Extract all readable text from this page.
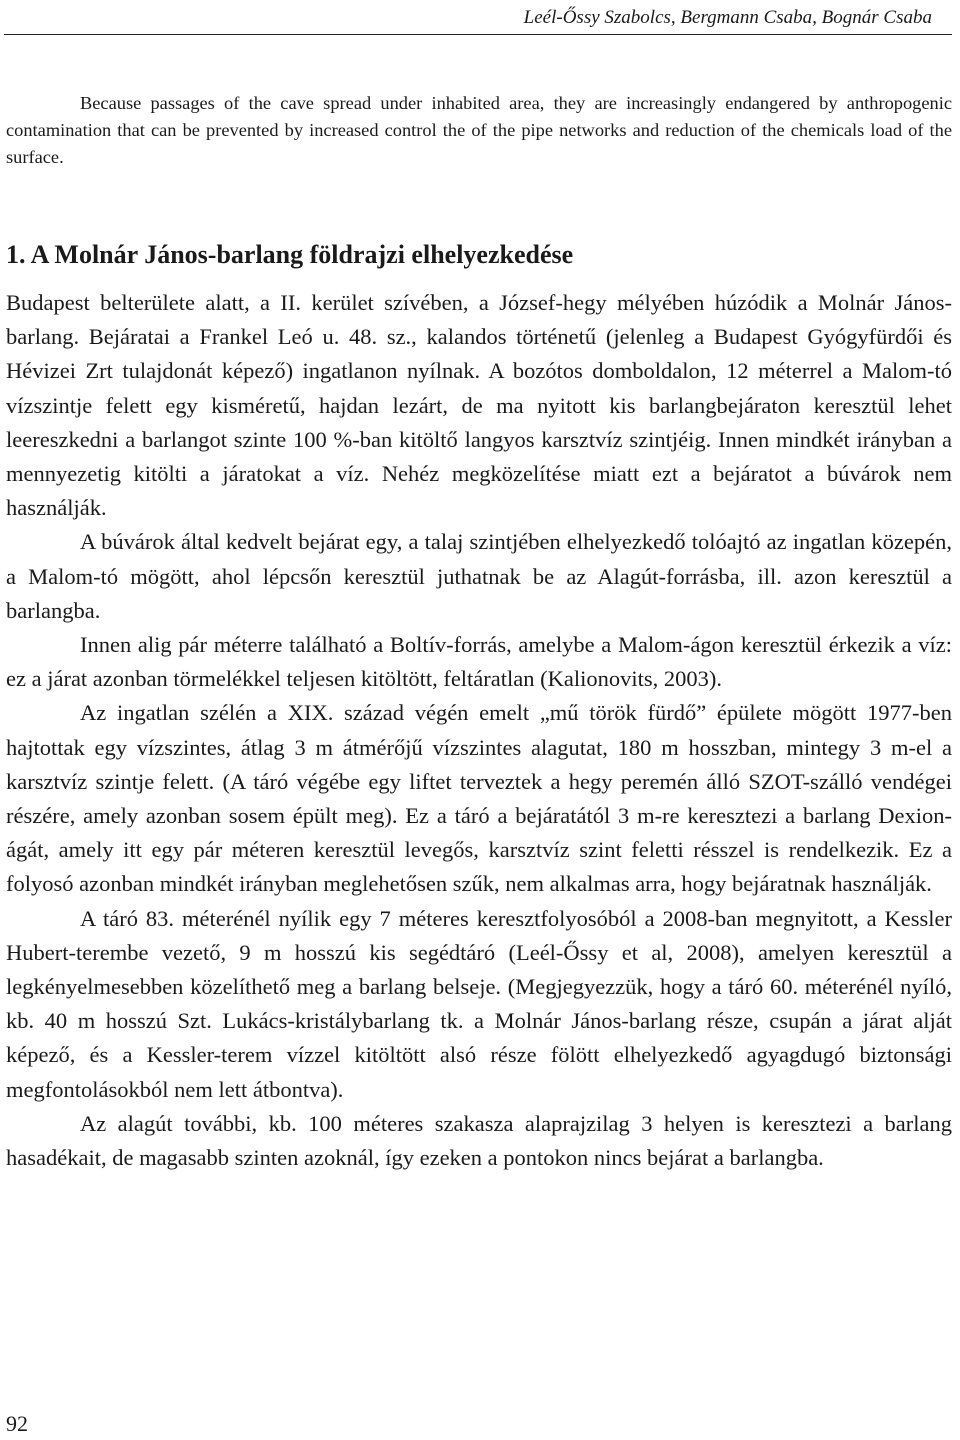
Leél-Őssy Szabolcs, Bergmann Csaba, Bognár Csaba

Because passages of the cave spread under inhabited area, they are increasingly endangered by anthropogenic contamination that can be prevented by increased control the of the pipe networks and reduction of the chemicals load of the surface.

1. A Molnár János-barlang földrajzi elhelyezkedése

Budapest belterülete alatt, a II. kerület szívében, a József-hegy mélyében húzódik a Molnár János-barlang. Bejáratai a Frankel Leó u. 48. sz., kalandos történetű (jelenleg a Budapest Gyógyfürdői és Hévizei Zrt tulajdonát képező) ingatlanon nyílnak. A bozótos domboldalon, 12 méterrel a Malom-tó vízszintje felett egy kisméretű, hajdan lezárt, de ma nyitott kis barlangbejáraton keresztül lehet leereszkedni a barlangot szinte 100 %-ban kitöltő langyos karsztvíz szintjéig. Innen mindkét irányban a mennyezetig kitölti a járatokat a víz. Nehéz megközelítése miatt ezt a bejáratot a búvárok nem használják.

A búvárok által kedvelt bejárat egy, a talaj szintjében elhelyezkedő tolóajtó az ingatlan közepén, a Malom-tó mögött, ahol lépcsőn keresztül juthatnak be az Alagút-forrásba, ill. azon keresztül a barlangba.

Innen alig pár méterre található a Boltív-forrás, amelybe a Malom-ágon keresztül érkezik a víz: ez a járat azonban törmelékkel teljesen kitöltött, feltáratlan (Kalionovits, 2003).

Az ingatlan szélén a XIX. század végén emelt „mű török fürdő” épülete mögött 1977-ben hajtottak egy vízszintes, átlag 3 m átmérőjű vízszintes alagutat, 180 m hosszban, mintegy 3 m-el a karsztvíz szintje felett. (A táró végébe egy liftet terveztek a hegy peremén álló SZOT-szálló vendégei részére, amely azonban sosem épült meg). Ez a táró a bejáratától 3 m-re keresztezi a barlang Dexion-ágát, amely itt egy pár méteren keresztül levegős, karsztvíz szint feletti résszel is rendelkezik. Ez a folyosó azonban mindkét irányban meglehetősen szűk, nem alkalmas arra, hogy bejáratnak használják.

A táró 83. méterénél nyílik egy 7 méteres keresztfolyosóból a 2008-ban megnyitott, a Kessler Hubert-terembe vezető, 9 m hosszú kis segédtáró (Leél-Őssy et al, 2008), amelyen keresztül a legkényelmesebben közelíthető meg a barlang belseje. (Megjegyezzük, hogy a táró 60. méterénél nyíló, kb. 40 m hosszú Szt. Lukács-kristálybarlang tk. a Molnár János-barlang része, csupán a járat alját képező, és a Kessler-terem vízzel kitöltött alsó része fölött elhelyezkedő agyagdugó biztonsági megfontolásokból nem lett átbontva).

Az alagút további, kb. 100 méteres szakasza alaprajzilag 3 helyen is keresztezi a barlang hasadékait, de magasabb szinten azoknál, így ezeken a pontokon nincs bejárat a barlangba.

92
